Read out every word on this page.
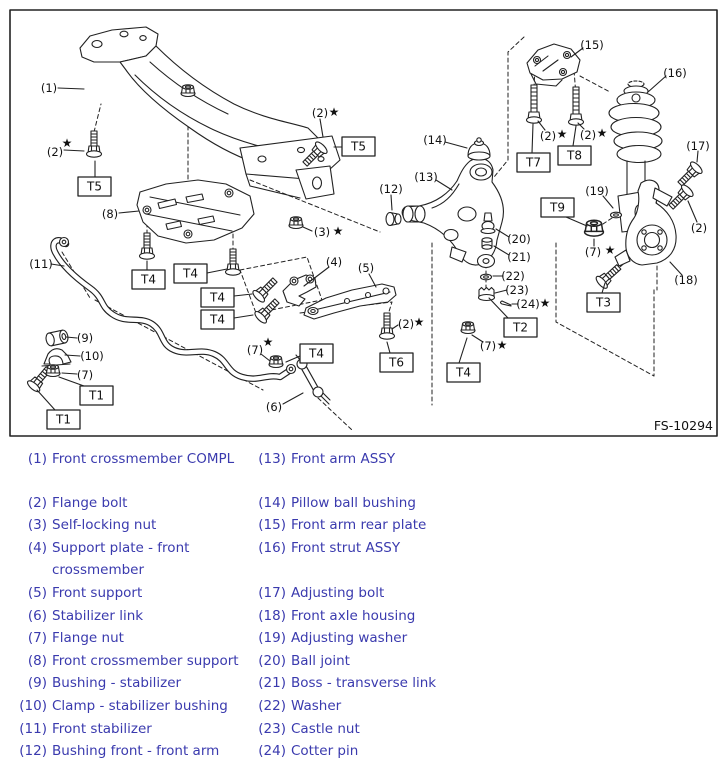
(1)
(2)
★
(2) ★
(3) ★
(4) (5)
(6)
(7)
(7)
★
(7) ★
(7) ★
(8)
(9)
(10)
(11)
(12)
(13)
(14)
(15)
(16)
(17)
(18)
(19)
(20)
(21)
(22)
(23)
(24) ★
(2) ★
(2)
(2) ★ (2) ★
T5
T5
T1
T1
T2
T3
T4 T4
T4
T4
T4
T4
T6
T7 T8
T9
FS-10294
(1) Front crossmember COMPL	(13) Front arm ASSY
(2) Flange bolt	(14) Pillow ball bushing
(3) Self-locking nut	(15) Front arm rear plate
(4) Support plate - front crossmember
(16) Front strut ASSY
(5) Front support	(17) Adjusting bolt
(6) Stabilizer link	(18) Front axle housing
(7) Flange nut	(19) Adjusting washer
(8) Front crossmember support	(20) Ball joint
(9) Bushing - stabilizer	(21) Boss - transverse link
(10) Clamp - stabilizer bushing	(22) Washer
(11) Front stabilizer	(23) Castle nut
(12) Bushing front - front arm	(24) Cotter pin
